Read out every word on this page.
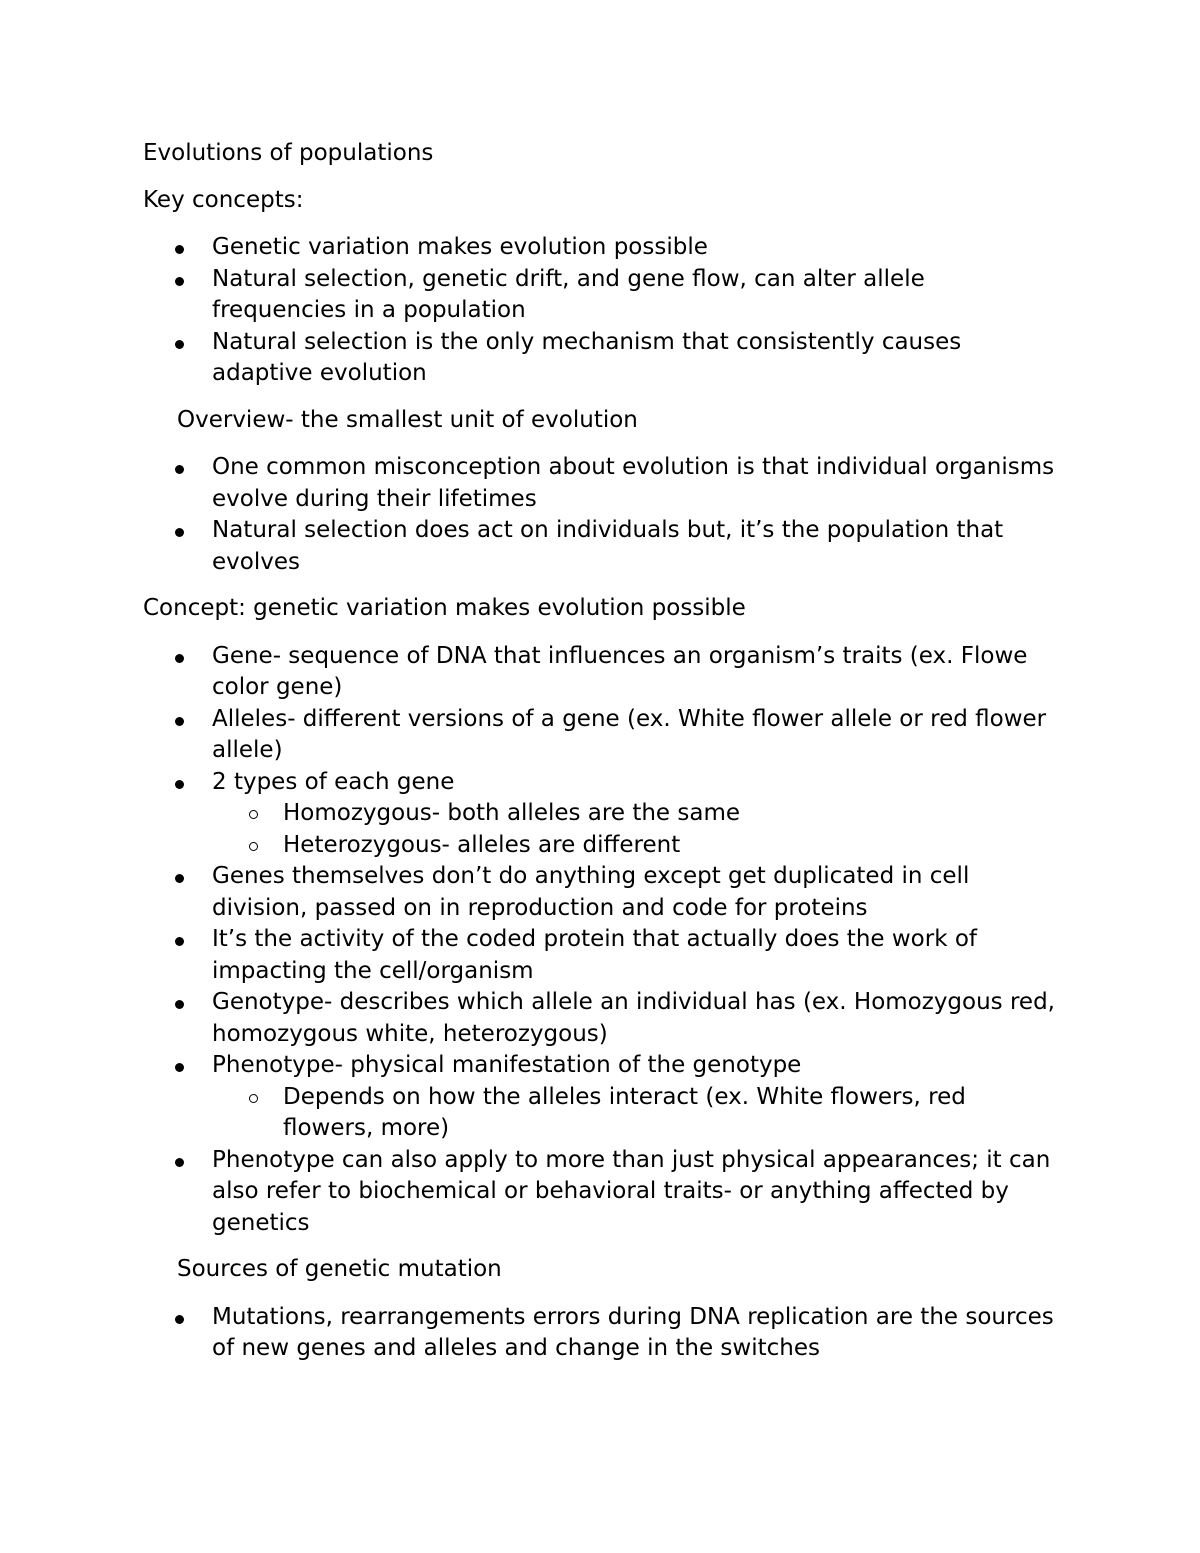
Evolutions of populations

Key concepts:

Genetic variation makes evolution possible
Natural selection, genetic drift, and gene flow, can alter allele frequencies in a population
Natural selection is the only mechanism that consistently causes adaptive evolution

Overview- the smallest unit of evolution

One common misconception about evolution is that individual organisms evolve during their lifetimes
Natural selection does act on individuals but, it’s the population that evolves

Concept: genetic variation makes evolution possible

Gene- sequence of DNA that influences an organism’s traits (ex. Flowe color gene)
Alleles- different versions of a gene (ex. White flower allele or red flower allele)
2 types of each gene
Homozygous- both alleles are the same
Heterozygous- alleles are different
Genes themselves don’t do anything except get duplicated in cell division, passed on in reproduction and code for proteins
It’s the activity of the coded protein that actually does the work of impacting the cell/organism
Genotype- describes which allele an individual has (ex. Homozygous red, homozygous white, heterozygous)
Phenotype- physical manifestation of the genotype
Depends on how the alleles interact (ex. White flowers, red flowers, more)
Phenotype can also apply to more than just physical appearances; it can also refer to biochemical or behavioral traits- or anything affected by genetics

Sources of genetic mutation

Mutations, rearrangements errors during DNA replication are the sources of new genes and alleles and change in the switches
